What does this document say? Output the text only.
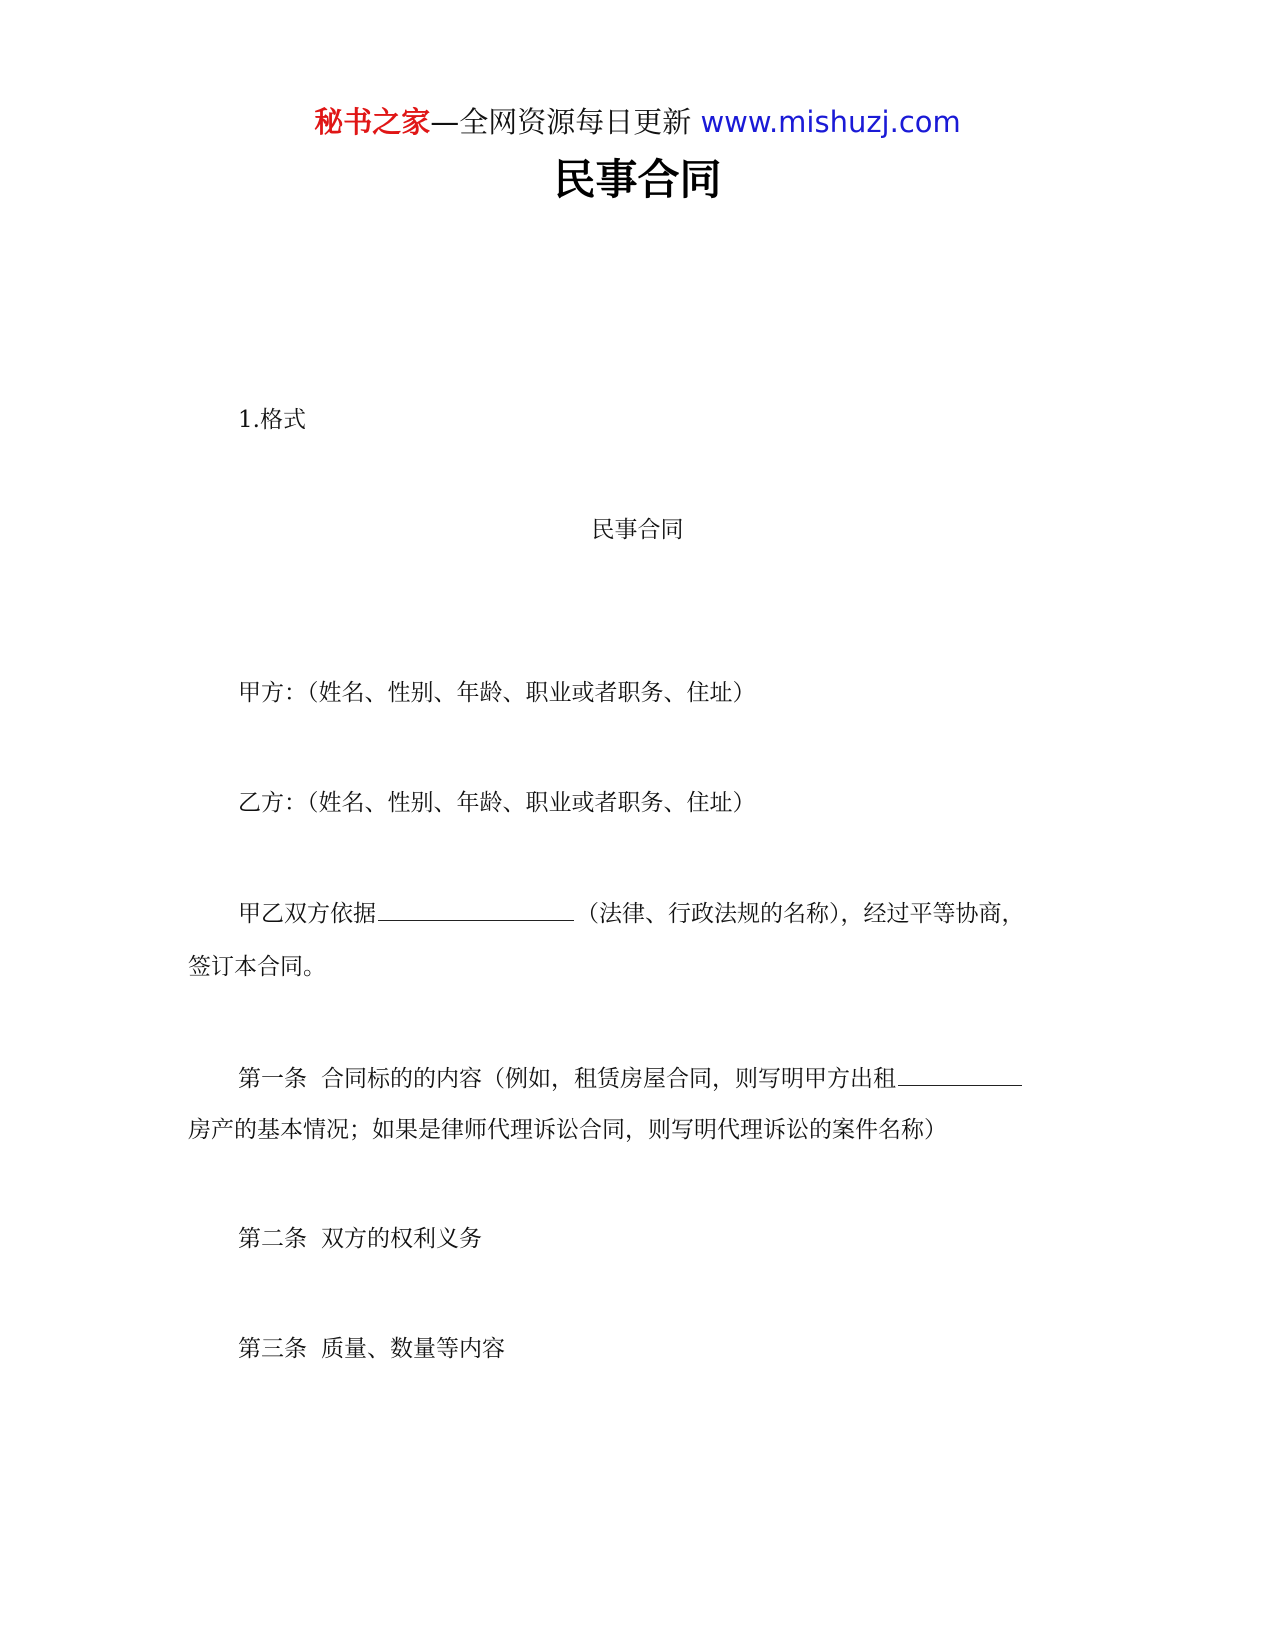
秘书之家—全网资源每日更新 www.mishuzj.com
民事合同
1.格式
民事合同
甲方：（姓名、性别、年龄、职业或者职务、住址）
乙方：（姓名、性别、年龄、职业或者职务、住址）
甲乙双方依据	（法律、行政法规的名称），经过平等协商，
签订本合同。
第一条 合同标的的内容（例如，租赁房屋合同，则写明甲方出租
房产的基本情况；如果是律师代理诉讼合同，则写明代理诉讼的案件名称）
第二条 双方的权利义务
第三条 质量、数量等内容
